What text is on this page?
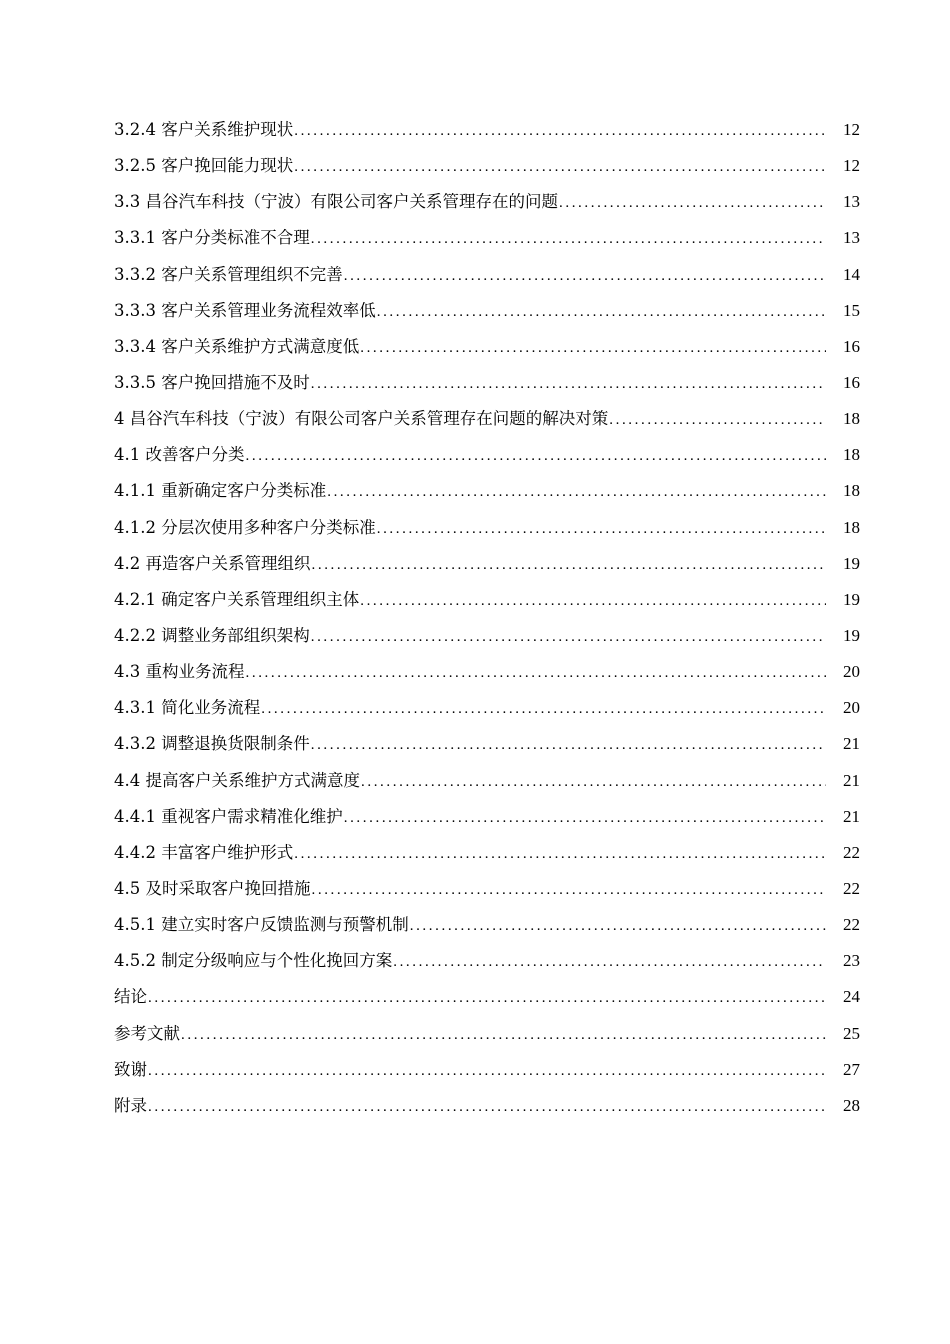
3.2.4 客户关系维护现状 .....	12
3.2.5 客户挽回能力现状 .....	12
3.3 昌谷汽车科技（宁波）有限公司客户关系管理存在的问题 .....	13
3.3.1 客户分类标准不合理 .....	13
3.3.2 客户关系管理组织不完善 .....	14
3.3.3 客户关系管理业务流程效率低 .....	15
3.3.4 客户关系维护方式满意度低 .....	16
3.3.5 客户挽回措施不及时 .....	16
4 昌谷汽车科技（宁波）有限公司客户关系管理存在问题的解决对策 .....	18
4.1 改善客户分类 .....	18
4.1.1 重新确定客户分类标准 .....	18
4.1.2 分层次使用多种客户分类标准 .....	18
4.2 再造客户关系管理组织 .....	19
4.2.1 确定客户关系管理组织主体 .....	19
4.2.2 调整业务部组织架构 .....	19
4.3 重构业务流程 .....	20
4.3.1 简化业务流程 .....	20
4.3.2 调整退换货限制条件 .....	21
4.4 提高客户关系维护方式满意度 .....	21
4.4.1 重视客户需求精准化维护 .....	21
4.4.2 丰富客户维护形式 .....	22
4.5 及时采取客户挽回措施 .....	22
4.5.1 建立实时客户反馈监测与预警机制 .....	22
4.5.2 制定分级响应与个性化挽回方案 .....	23
结论 .....	24
参考文献 .....	25
致谢 .....	27
附录 .....	28
